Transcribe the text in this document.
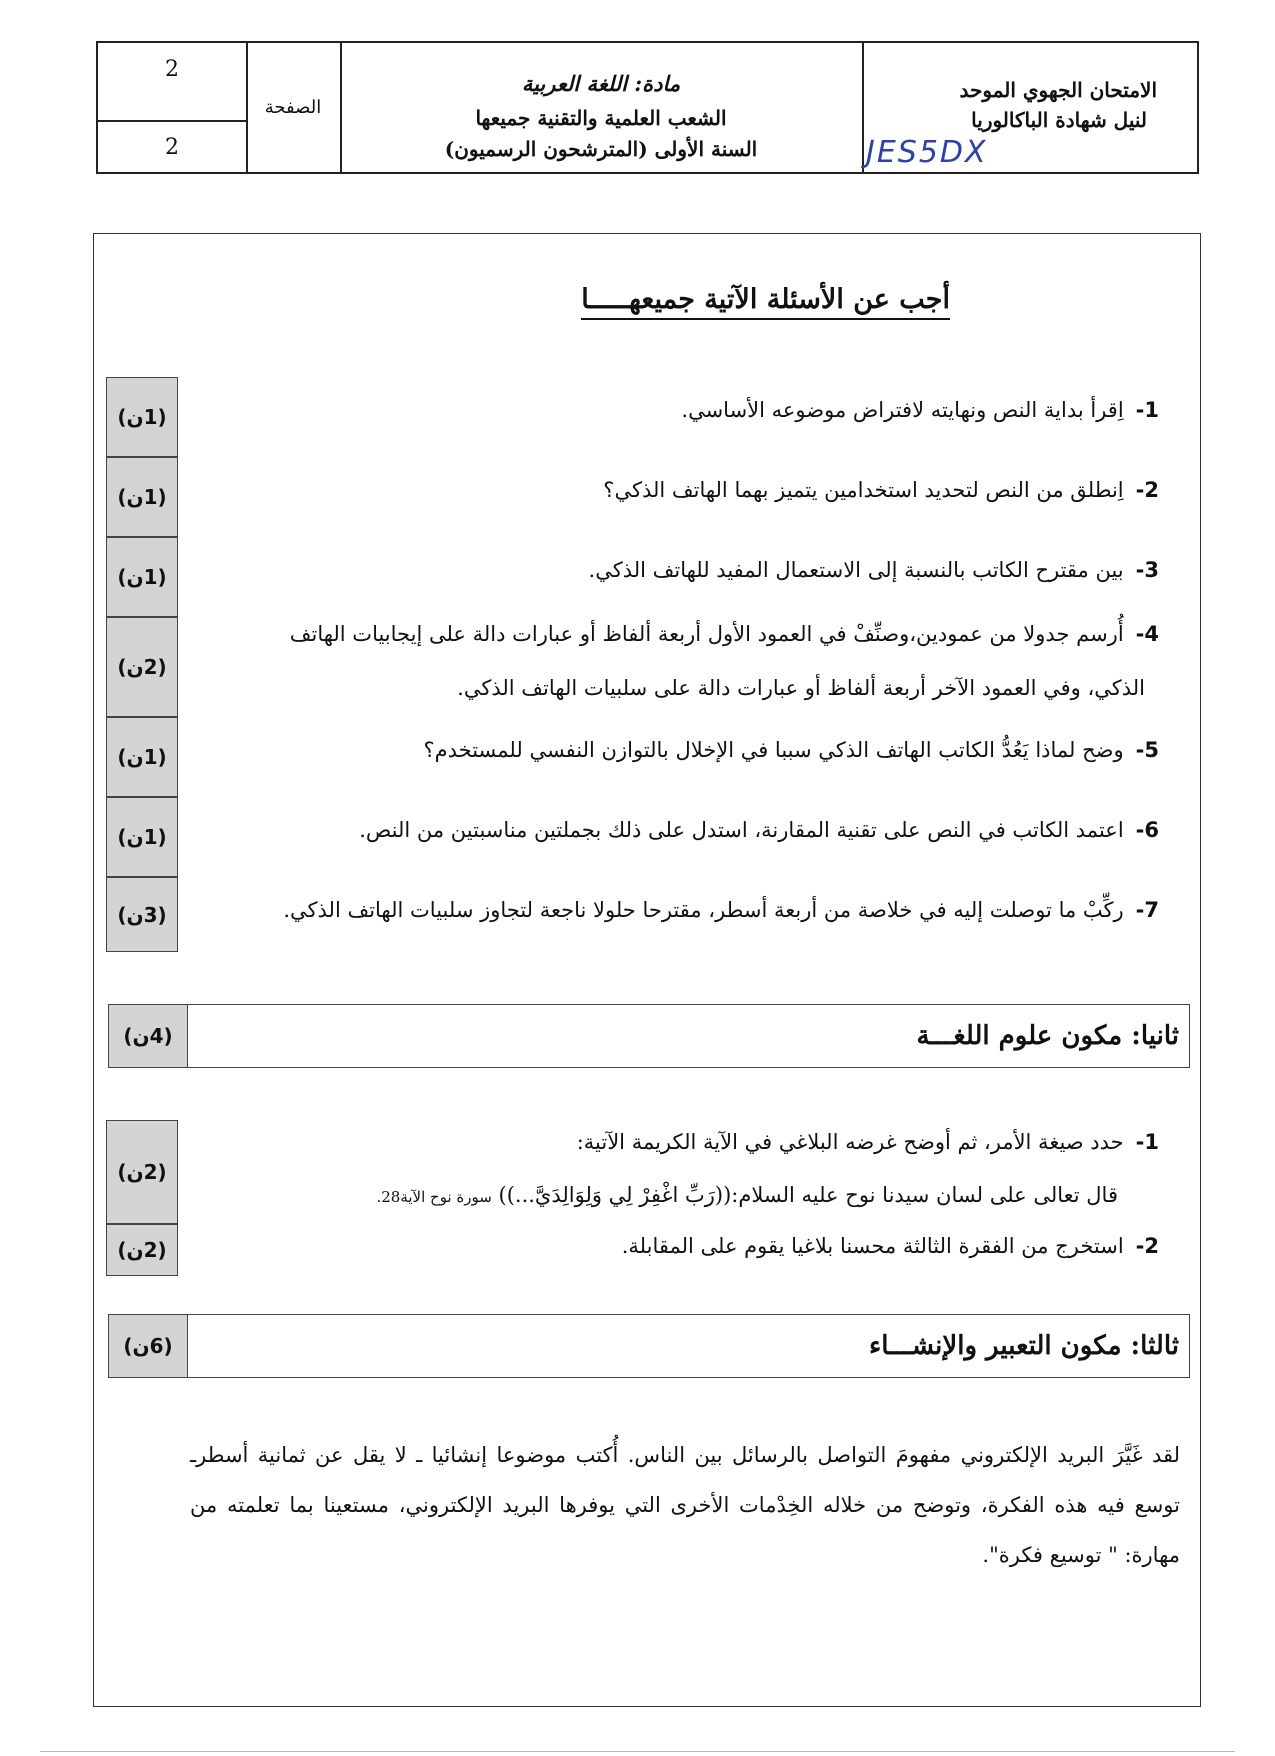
الامتحان الجهوي الموحد
لنيل شهادة الباكالوريا
JES5DX
مادة: اللغة العربية
الشعب العلمية والتقنية جميعها
السنة الأولى (المترشحون الرسميون)
الصفحة
2
2
أجب عن الأسئلة الآتية جميعهـــــا
1-اِقرأ بداية النص ونهايته لافتراض موضوعه الأساسي.
2-اِنطلق من النص لتحديد استخدامين يتميز بهما الهاتف الذكي؟
3-بين مقترح الكاتب بالنسبة إلى الاستعمال المفيد للهاتف الذكي.
4-أُرسم جدولا من عمودين،وصنِّفْ في العمود الأول أربعة ألفاظ أو عبارات دالة على إيجابيات الهاتف
الذكي، وفي العمود الآخر أربعة ألفاظ أو عبارات دالة على سلبيات الهاتف الذكي.
5-وضح لماذا يَعُدُّ الكاتب الهاتف الذكي سببا في الإخلال بالتوازن النفسي للمستخدم؟
6-اعتمد الكاتب في النص على تقنية المقارنة، استدل على ذلك بجملتين مناسبتين من النص.
7-ركِّبْ ما توصلت إليه في خلاصة من أربعة أسطر، مقترحا حلولا ناجعة لتجاوز سلبيات الهاتف الذكي.
(1ن)
(1ن)
(1ن)
(2ن)
(1ن)
(1ن)
(3ن)
(4ن)	ثانيا: مكون علوم اللغـــة
1-حدد صيغة الأمر، ثم أوضح غرضه البلاغي في الآية الكريمة الآتية:
قال تعالى على لسان سيدنا نوح عليه السلام:((رَبِّ اغْفِرْ لِي وَلِوَالِدَيَّ...)) سورة نوح الآية28.
2-استخرج من الفقرة الثالثة محسنا بلاغيا يقوم على المقابلة.
(2ن)
(2ن)
(6ن)	ثالثا: مكون التعبير والإنشـــاء
لقد غَيَّرَ البريد الإلكتروني مفهومَ التواصل بالرسائل بين الناس. أُكتب موضوعا إنشائيا ـ لا يقل عن ثمانية أسطرـ توسع فيه هذه الفكرة، وتوضح من خلاله الخِدْمات الأخرى التي يوفرها البريد الإلكتروني، مستعينا بما تعلمته من مهارة: " توسيع فكرة".
